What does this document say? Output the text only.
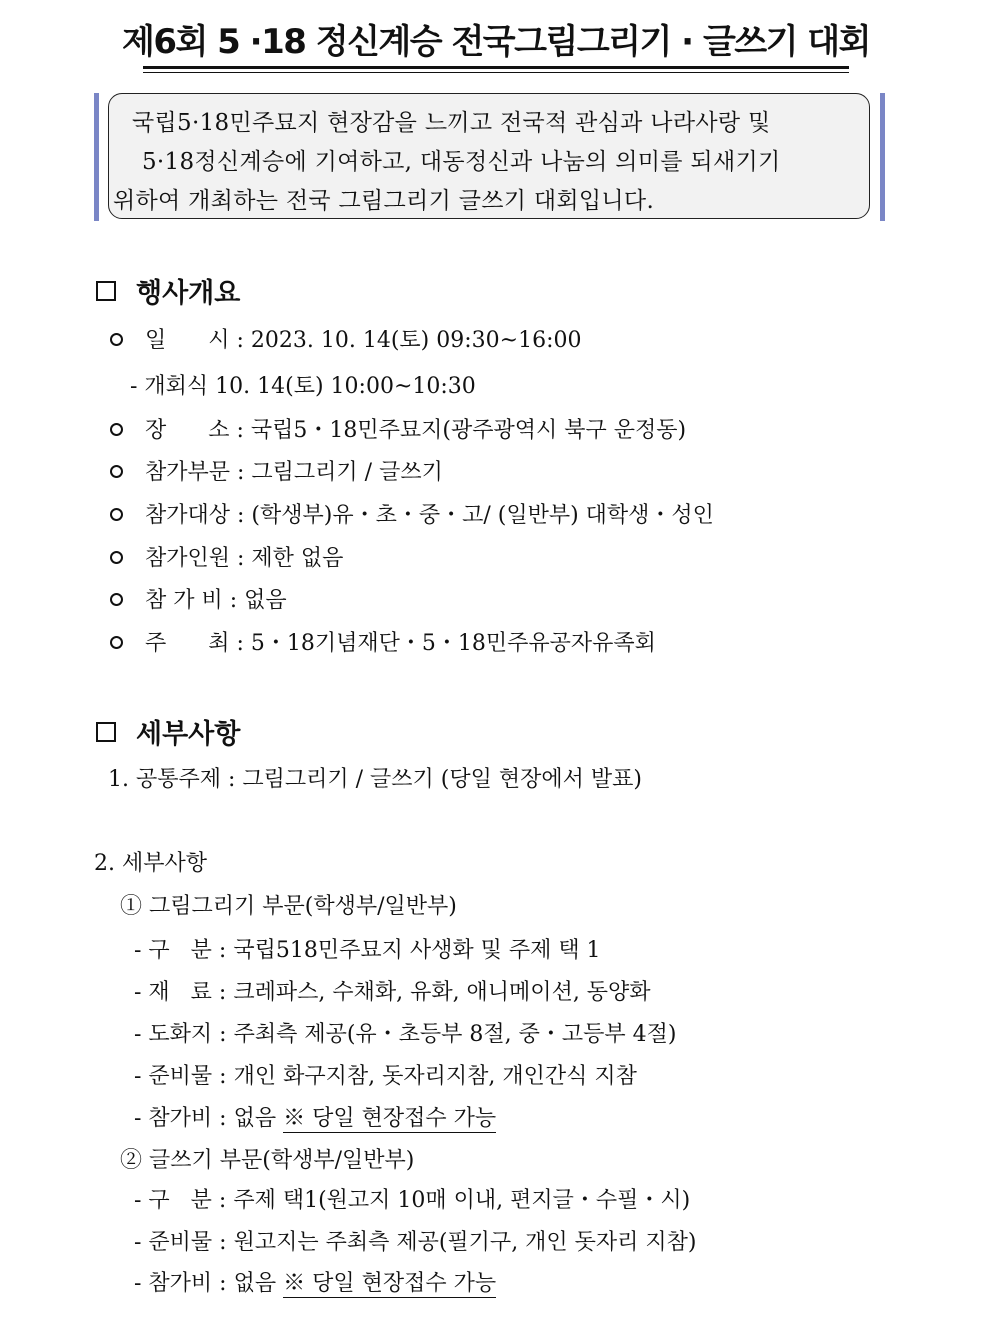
제6회 5 ·18 정신계승 전국그림그리기 · 글쓰기 대회
국립5·18민주묘지 현장감을 느끼고 전국적 관심과 나라사랑 및
5·18정신계승에 기여하고, 대동정신과 나눔의 의미를 되새기기
위하여 개최하는 전국 그림그리기 글쓰기 대회입니다.
행사개요
일      시 : 2023. 10. 14(토) 09:30~16:00
- 개회식 10. 14(토) 10:00~10:30
장      소 : 국립5・18민주묘지(광주광역시 북구 운정동)
참가부문 : 그림그리기 / 글쓰기
참가대상 : (학생부)유・초・중・고/ (일반부) 대학생・성인
참가인원 : 제한 없음
참 가 비 : 없음
주      최 : 5・18기념재단・5・18민주유공자유족회
세부사항
1. 공통주제 : 그림그리기 / 글쓰기 (당일 현장에서 발표)
2. 세부사항
① 그림그리기 부문(학생부/일반부)
- 구   분 : 국립518민주묘지 사생화 및 주제 택 1
- 재   료 : 크레파스, 수채화, 유화, 애니메이션, 동양화
- 도화지 : 주최측 제공(유・초등부 8절, 중・고등부 4절)
- 준비물 : 개인 화구지참, 돗자리지참, 개인간식 지참
- 참가비 : 없음 ※ 당일 현장접수 가능
② 글쓰기 부문(학생부/일반부)
- 구   분 : 주제 택1(원고지 10매 이내, 편지글・수필・시)
- 준비물 : 원고지는 주최측 제공(필기구, 개인 돗자리 지참)
- 참가비 : 없음 ※ 당일 현장접수 가능
